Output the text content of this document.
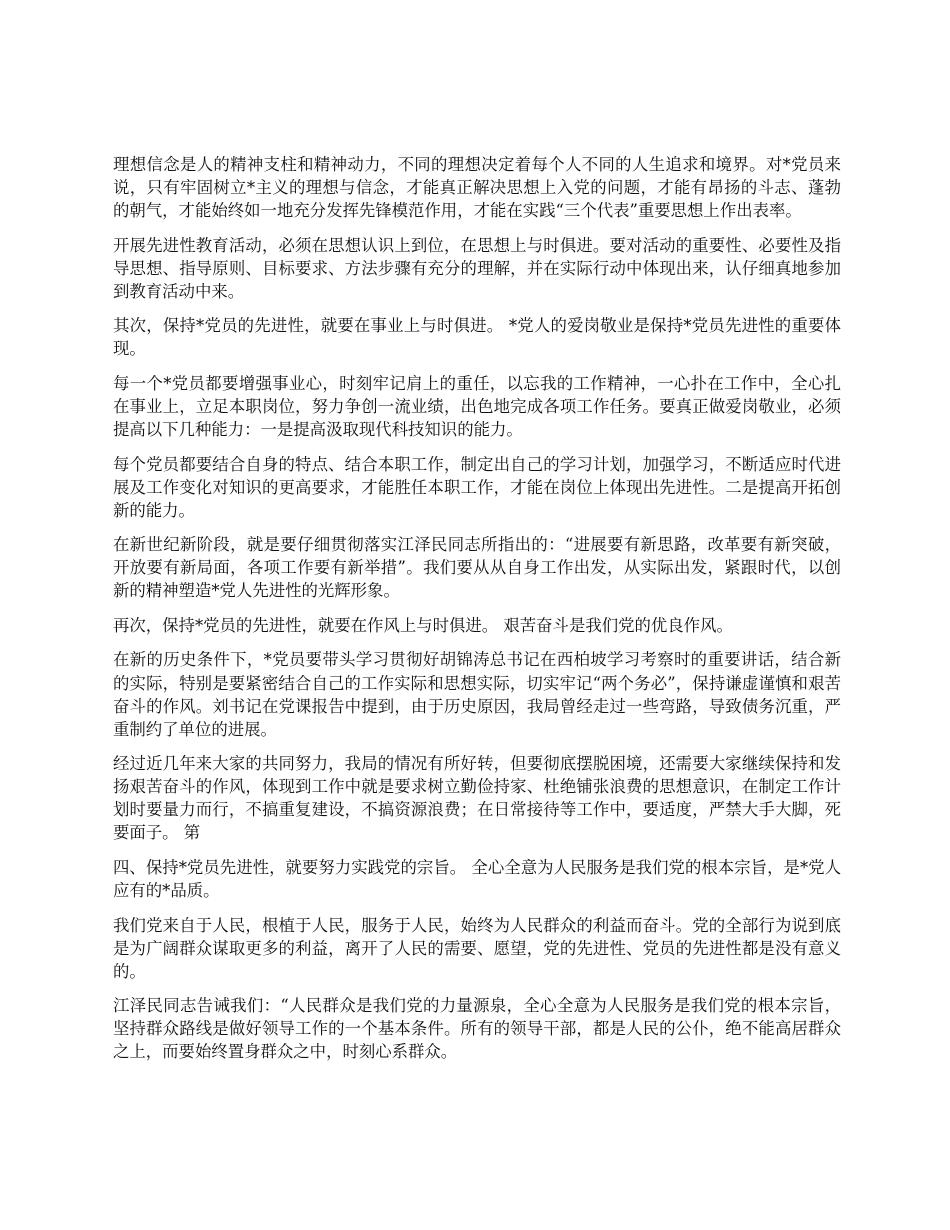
理想信念是人的精神支柱和精神动力，不同的理想决定着每个人不同的人生追求和境界。对*党员来说，只有牢固树立*主义的理想与信念，才能真正解决思想上入党的问题，才能有昂扬的斗志、蓬勃的朝气，才能始终如一地充分发挥先锋模范作用，才能在实践“三个代表”重要思想上作出表率。

开展先进性教育活动，必须在思想认识上到位，在思想上与时俱进。要对活动的重要性、必要性及指导思想、指导原则、目标要求、方法步骤有充分的理解，并在实际行动中体现出来，认仔细真地参加到教育活动中来。

其次，保持*党员的先进性，就要在事业上与时俱进。 *党人的爱岗敬业是保持*党员先进性的重要体现。

每一个*党员都要增强事业心，时刻牢记肩上的重任，以忘我的工作精神，一心扑在工作中，全心扎在事业上，立足本职岗位，努力争创一流业绩，出色地完成各项工作任务。要真正做爱岗敬业，必须提高以下几种能力：一是提高汲取现代科技知识的能力。

每个党员都要结合自身的特点、结合本职工作，制定出自己的学习计划，加强学习，不断适应时代进展及工作变化对知识的更高要求，才能胜任本职工作，才能在岗位上体现出先进性。二是提高开拓创新的能力。

在新世纪新阶段，就是要仔细贯彻落实江泽民同志所指出的：“进展要有新思路，改革要有新突破，开放要有新局面，各项工作要有新举措”。我们要从从自身工作出发，从实际出发，紧跟时代，以创新的精神塑造*党人先进性的光辉形象。

再次，保持*党员的先进性，就要在作风上与时俱进。 艰苦奋斗是我们党的优良作风。

在新的历史条件下，*党员要带头学习贯彻好胡锦涛总书记在西柏坡学习考察时的重要讲话，结合新的实际，特别是要紧密结合自己的工作实际和思想实际，切实牢记“两个务必”，保持谦虚谨慎和艰苦奋斗的作风。刘书记在党课报告中提到，由于历史原因，我局曾经走过一些弯路，导致债务沉重，严重制约了单位的进展。

经过近几年来大家的共同努力，我局的情况有所好转，但要彻底摆脱困境，还需要大家继续保持和发扬艰苦奋斗的作风，体现到工作中就是要求树立勤俭持家、杜绝铺张浪费的思想意识，在制定工作计划时要量力而行，不搞重复建设，不搞资源浪费；在日常接待等工作中，要适度，严禁大手大脚，死要面子。 第

四、保持*党员先进性，就要努力实践党的宗旨。 全心全意为人民服务是我们党的根本宗旨，是*党人应有的*品质。

我们党来自于人民，根植于人民，服务于人民，始终为人民群众的利益而奋斗。党的全部行为说到底是为广阔群众谋取更多的利益，离开了人民的需要、愿望，党的先进性、党员的先进性都是没有意义的。

江泽民同志告诫我们：“人民群众是我们党的力量源泉，全心全意为人民服务是我们党的根本宗旨，坚持群众路线是做好领导工作的一个基本条件。所有的领导干部，都是人民的公仆，绝不能高居群众之上，而要始终置身群众之中，时刻心系群众。
